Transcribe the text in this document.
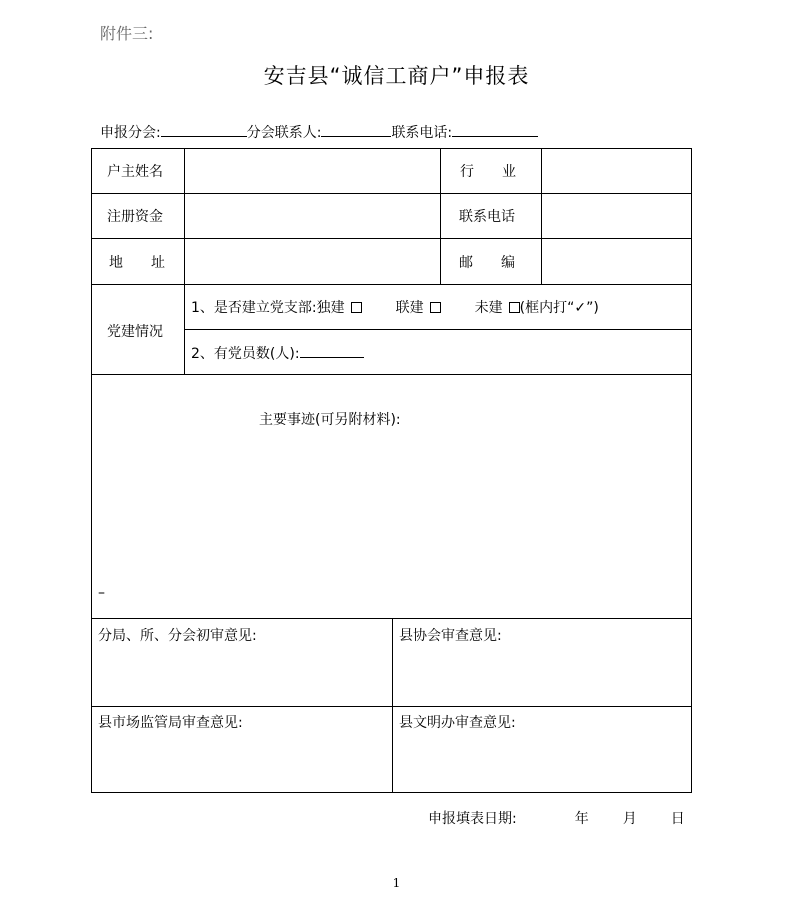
附件三:
安吉县“诚信工商户”申报表
申报分会:	分会联系人:	联系电话:
户主姓名	行　　业
注册资金	联系电话
地　　址	邮　　编
党建情况
1、是否建立党支部:独建	联建	未建 (框内打“✓”)
2、有党员数(人):
主要事迹(可另附材料):
–
分局、所、分会初审意见:	县协会审查意见:
县市场监管局审查意见:	县文明办审查意见:
申报填表日期:	年 月 日
1
